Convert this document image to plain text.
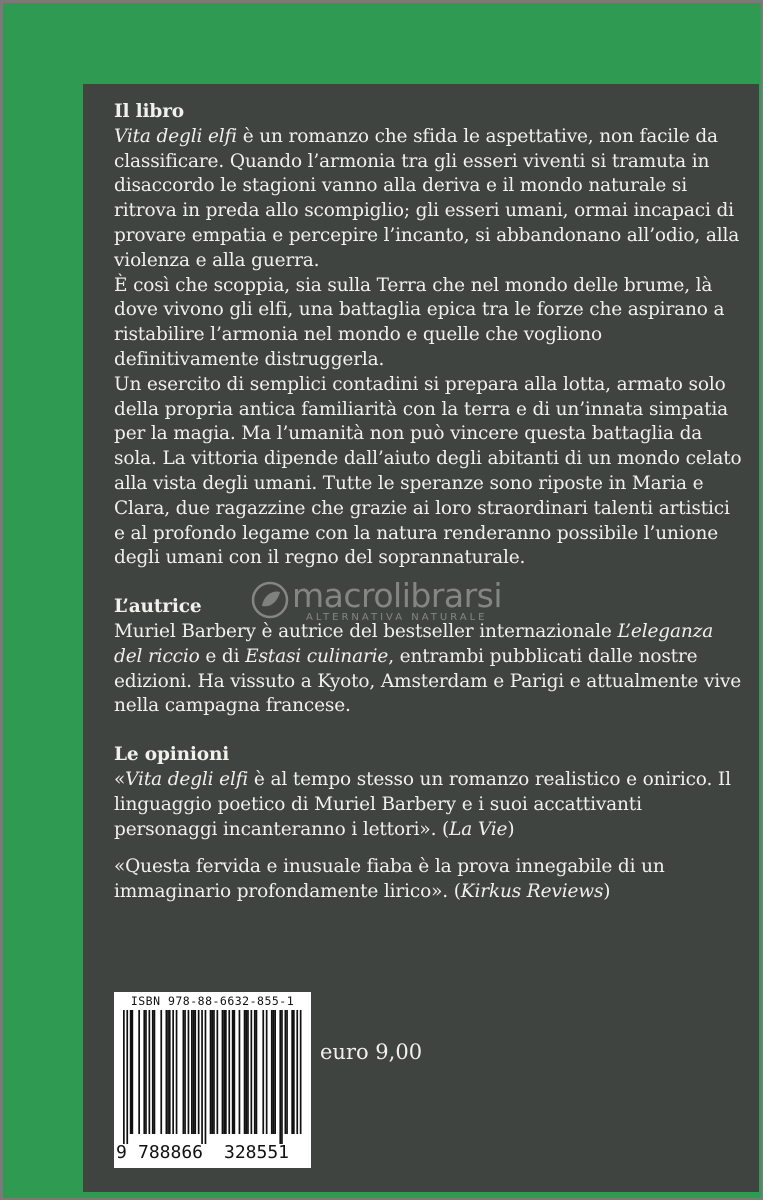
Il libro

Vita degli elfi è un romanzo che sfida le aspettative, non facile da classificare. Quando l’armonia tra gli esseri viventi si tramuta in disaccordo le stagioni vanno alla deriva e il mondo naturale si ritrova in preda allo scompiglio; gli esseri umani, ormai incapaci di provare empatia e percepire l’incanto, si abbandonano all’odio, alla violenza e alla guerra.

È così che scoppia, sia sulla Terra che nel mondo delle brume, là dove vivono gli elfi, una battaglia epica tra le forze che aspirano a ristabilire l’armonia nel mondo e quelle che vogliono definitivamente distruggerla.

Un esercito di semplici contadini si prepara alla lotta, armato solo della propria antica familiarità con la terra e di un’innata simpatia per la magia. Ma l’umanità non può vincere questa battaglia da sola. La vittoria dipende dall’aiuto degli abitanti di un mondo celato alla vista degli umani. Tutte le speranze sono riposte in Maria e Clara, due ragazzine che grazie ai loro straordinari talenti artistici e al profondo legame con la natura renderanno possibile l’unione degli umani con il regno del soprannaturale.

L’autrice

Muriel Barbery è autrice del bestseller internazionale L’eleganza del riccio e di Estasi culinarie, entrambi pubblicati dalle nostre edizioni. Ha vissuto a Kyoto, Amsterdam e Parigi e attualmente vive nella campagna francese.

Le opinioni

«Vita degli elfi è al tempo stesso un romanzo realistico e onirico. Il linguaggio poetico di Muriel Barbery e i suoi accattivanti personaggi incanteranno i lettori». (La Vie)

«Questa fervida e inusuale fiaba è la prova innegabile di un immaginario profondamente lirico». (Kirkus Reviews)

macrolibrarsi
ALTERNATIVA NATURALE
ISBN 978-88-6632-855-1
9 788866 328551
euro 9,00
